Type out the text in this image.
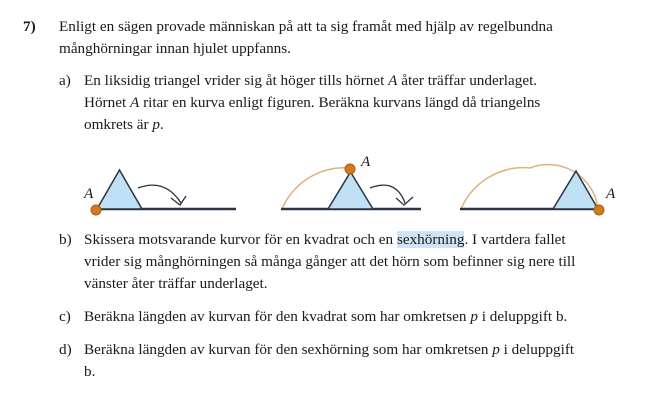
7) Enligt en sägen provade människan på att ta sig framåt med hjälp av regelbundna
månghörningar innan hjulet uppfanns.
a) En liksidig triangel vrider sig åt höger tills hörnet A åter träffar underlaget.
Hörnet A ritar en kurva enligt figuren. Beräkna kurvans längd då triangelns
omkrets är p.
A
A
A
b) Skissera motsvarande kurvor för en kvadrat och en sexhörning. I vartdera fallet
vrider sig månghörningen så många gånger att det hörn som befinner sig nere till
vänster åter träffar underlaget.
c) Beräkna längden av kurvan för den kvadrat som har omkretsen p i deluppgift b.
d) Beräkna längden av kurvan för den sexhörning som har omkretsen p i deluppgift
b.
